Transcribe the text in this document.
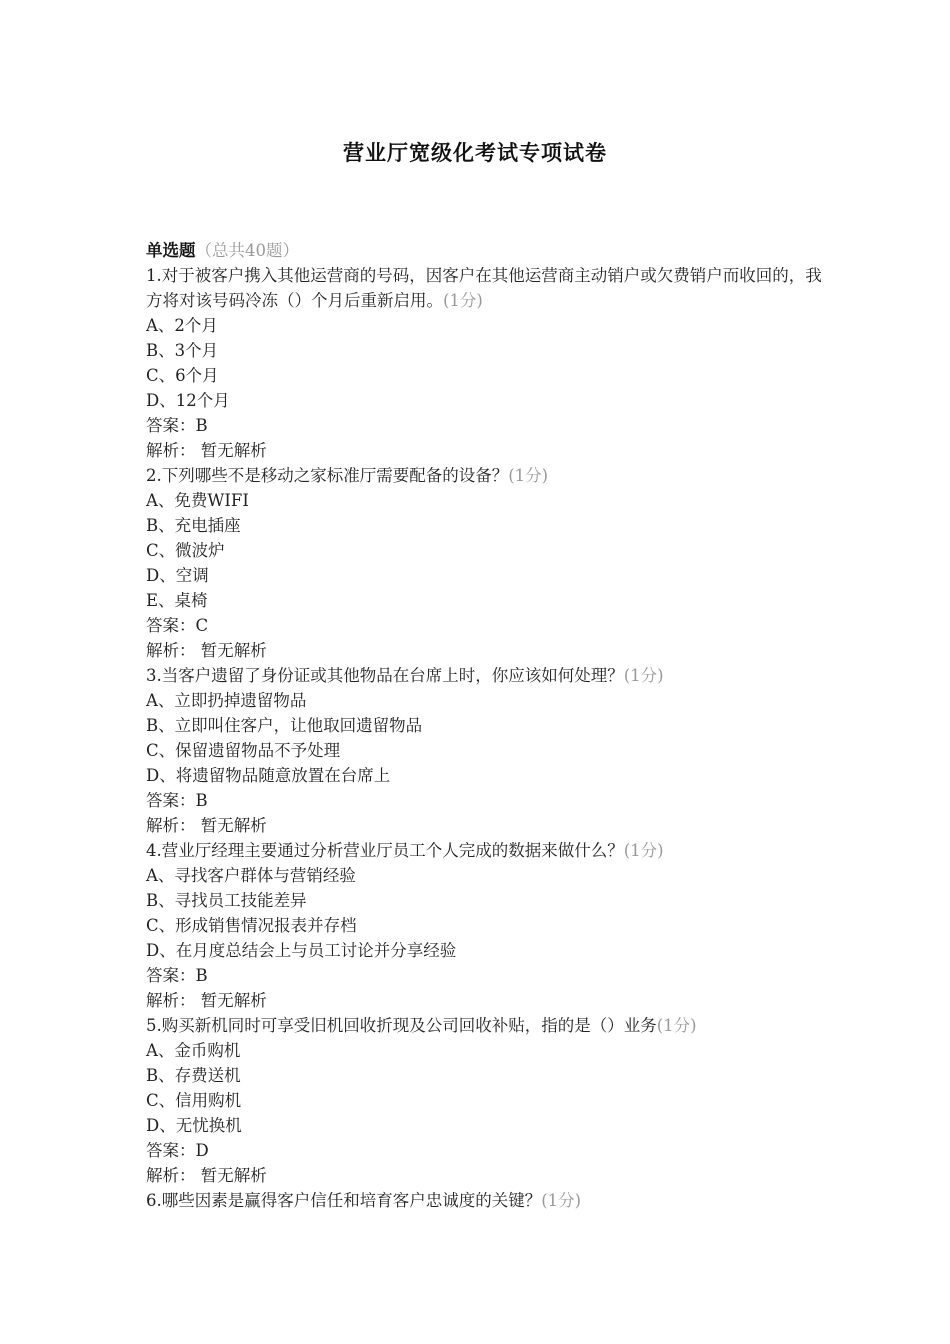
营业厅宽级化考试专项试卷
单选题（总共40题）
1.对于被客户携入其他运营商的号码，因客户在其他运营商主动销户或欠费销户而收回的，我方将对该号码冷冻（）个月后重新启用。(1分)
A、2个月
B、3个月
C、6个月
D、12个月
答案：B
解析： 暂无解析
2.下列哪些不是移动之家标准厅需要配备的设备？(1分)
A、免费WIFI
B、充电插座
C、微波炉
D、空调
E、桌椅
答案：C
解析： 暂无解析
3.当客户遗留了身份证或其他物品在台席上时，你应该如何处理？(1分)
A、立即扔掉遗留物品
B、立即叫住客户，让他取回遗留物品
C、保留遗留物品不予处理
D、将遗留物品随意放置在台席上
答案：B
解析： 暂无解析
4.营业厅经理主要通过分析营业厅员工个人完成的数据来做什么？(1分)
A、寻找客户群体与营销经验
B、寻找员工技能差异
C、形成销售情况报表并存档
D、在月度总结会上与员工讨论并分享经验
答案：B
解析： 暂无解析
5.购买新机同时可享受旧机回收折现及公司回收补贴，指的是（）业务(1分)
A、金币购机
B、存费送机
C、信用购机
D、无忧换机
答案：D
解析： 暂无解析
6.哪些因素是赢得客户信任和培育客户忠诚度的关键？(1分)
